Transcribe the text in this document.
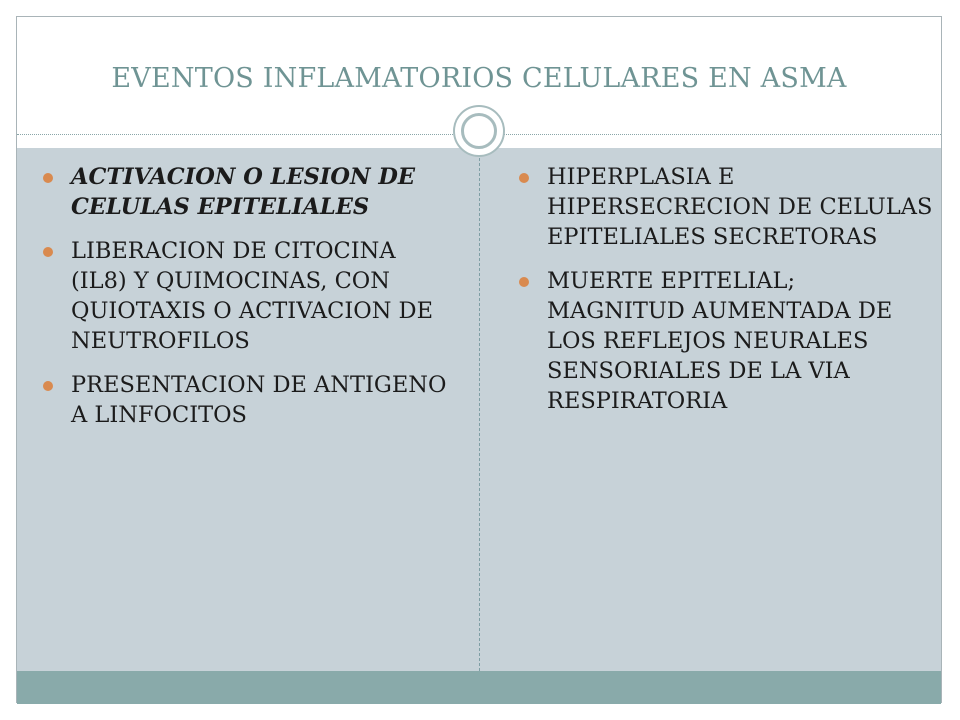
EVENTOS INFLAMATORIOS CELULARES EN ASMA
ACTIVACION O LESION DE CELULAS EPITELIALES
LIBERACION DE CITOCINA (IL8) Y QUIMOCINAS, CON QUIOTAXIS O ACTIVACION DE NEUTROFILOS
PRESENTACION DE ANTIGENO A LINFOCITOS
HIPERPLASIA E HIPERSECRECION DE CELULAS EPITELIALES SECRETORAS
MUERTE EPITELIAL; MAGNITUD AUMENTADA DE LOS REFLEJOS NEURALES SENSORIALES DE LA VIA RESPIRATORIA
